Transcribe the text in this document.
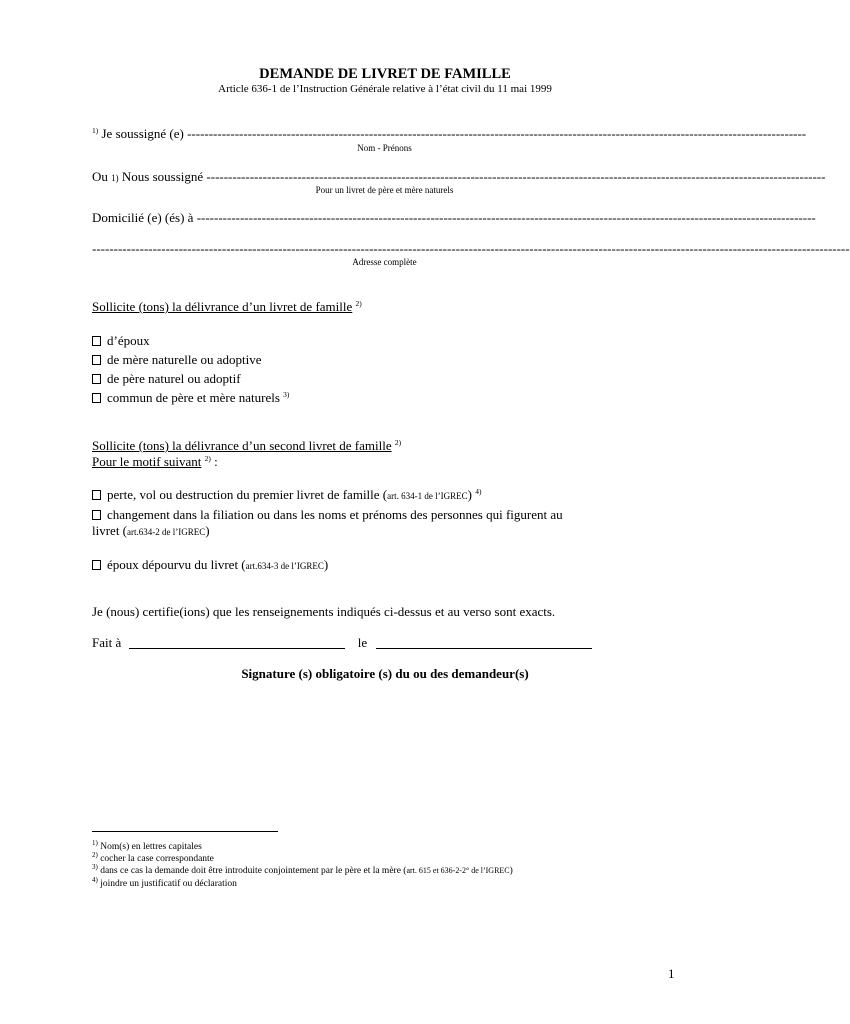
DEMANDE DE LIVRET DE FAMILLE
Article 636-1 de l’Instruction Générale relative à l’état civil du 11 mai 1999
$^{1)}$ Je soussigné (e) -----------------------------------------------------------------------------------------------------------------------------------------------
Nom - Prénons
Ou 1) Nous soussigné -----------------------------------------------------------------------------------------------------------------------------------------------
Pour un livret de père et mère naturels
Domicilié (e) (és) à -----------------------------------------------------------------------------------------------------------------------------------------------
-------------------------------------------------------------------------------------------------------------------------------------------------------------------------------
Adresse complète
Sollicite (tons) la délivrance d’un livret de famille $^{2)}$
d’époux
de mère naturelle ou adoptive
de père naturel ou adoptif
commun de père et mère naturels $^{3)}$
Sollicite (tons) la délivrance d’un second livret de famille $^{2)}$
Pour le motif suivant $^{2)}$ :
perte, vol ou destruction du premier livret de famille (art. 634-1 de l’IGREC) $^{4)}$
changement dans la filiation ou dans les noms et prénoms des personnes qui figurent au
livret (art.634-2 de l’IGREC)
époux dépourvu du livret (art.634-3 de l’IGREC)
Je (nous) certifie(ions) que les renseignements indiqués ci-dessus et au verso sont exacts.
Fait à	le
Signature (s) obligatoire (s) du ou des demandeur(s)
$^{1)}$ Nom(s) en lettres capitales
$^{2)}$ cocher la case correspondante
$^{3)}$ dans ce cas la demande doit être introduite conjointement par le père et la mère (art. 615 et 636-2-2° de l’IGREC)
$^{4)}$ joindre un justificatif ou déclaration
1
